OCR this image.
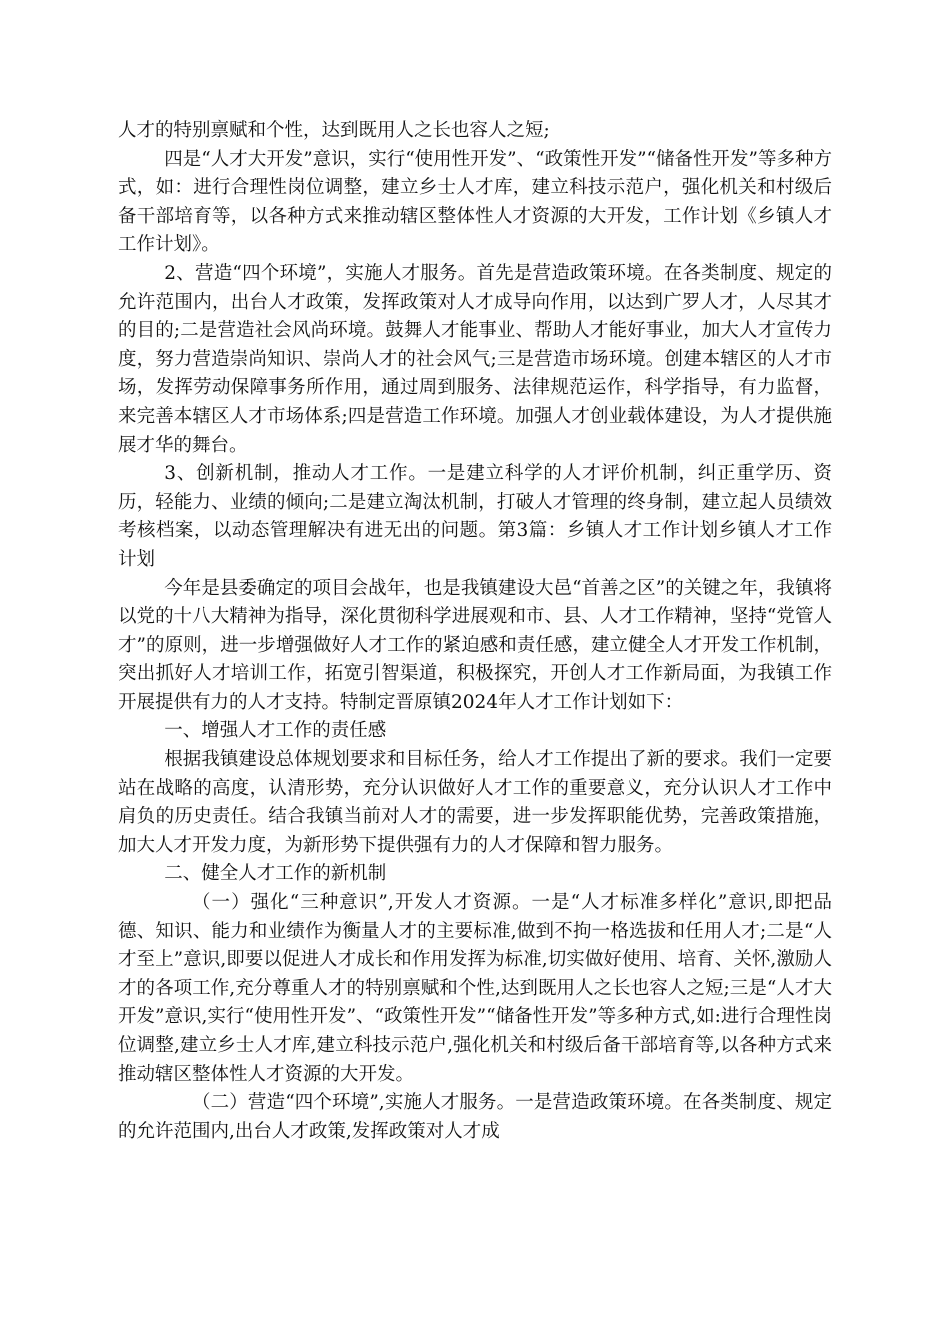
人才的特别禀赋和个性，达到既用人之长也容人之短;

四是“人才大开发”意识，实行“使用性开发”、“政策性开发”“储备性开发”等多种方式，如：进行合理性岗位调整，建立乡士人才库，建立科技示范户，强化机关和村级后备干部培育等，以各种方式来推动辖区整体性人才资源的大开发，工作计划《乡镇人才工作计划》。

2、营造“四个环境”，实施人才服务。首先是营造政策环境。在各类制度、规定的允许范围内，出台人才政策，发挥政策对人才成导向作用，以达到广罗人才，人尽其才的目的;二是营造社会风尚环境。鼓舞人才能事业、帮助人才能好事业，加大人才宣传力度，努力营造崇尚知识、崇尚人才的社会风气;三是营造市场环境。创建本辖区的人才市场，发挥劳动保障事务所作用，通过周到服务、法律规范运作，科学指导，有力监督，来完善本辖区人才市场体系;四是营造工作环境。加强人才创业载体建设，为人才提供施展才华的舞台。

3、创新机制，推动人才工作。一是建立科学的人才评价机制，纠正重学历、资历，轻能力、业绩的倾向;二是建立淘汰机制，打破人才管理的终身制，建立起人员绩效考核档案，以动态管理解决有进无出的问题。第3篇：乡镇人才工作计划乡镇人才工作计划

今年是县委确定的项目会战年，也是我镇建设大邑“首善之区”的关键之年，我镇将以党的十八大精神为指导，深化贯彻科学进展观和市、县、人才工作精神，坚持“党管人才”的原则，进一步增强做好人才工作的紧迫感和责任感，建立健全人才开发工作机制，突出抓好人才培训工作，拓宽引智渠道，积极探究，开创人才工作新局面，为我镇工作开展提供有力的人才支持。特制定晋原镇2024年人才工作计划如下：

一、增强人才工作的责任感

根据我镇建设总体规划要求和目标任务，给人才工作提出了新的要求。我们一定要站在战略的高度，认清形势，充分认识做好人才工作的重要意义，充分认识人才工作中肩负的历史责任。结合我镇当前对人才的需要，进一步发挥职能优势，完善政策措施，加大人才开发力度，为新形势下提供强有力的人才保障和智力服务。

二、健全人才工作的新机制

（一）强化“三种意识”,开发人才资源。一是“人才标准多样化”意识,即把品德、知识、能力和业绩作为衡量人才的主要标准,做到不拘一格选拔和任用人才;二是“人才至上”意识,即要以促进人才成长和作用发挥为标准,切实做好使用、培育、关怀,激励人才的各项工作,充分尊重人才的特别禀赋和个性,达到既用人之长也容人之短;三是“人才大开发”意识,实行“使用性开发”、“政策性开发”“储备性开发”等多种方式,如:进行合理性岗位调整,建立乡士人才库,建立科技示范户,强化机关和村级后备干部培育等,以各种方式来推动辖区整体性人才资源的大开发。

（二）营造“四个环境”,实施人才服务。一是营造政策环境。在各类制度、规定的允许范围内,出台人才政策,发挥政策对人才成
